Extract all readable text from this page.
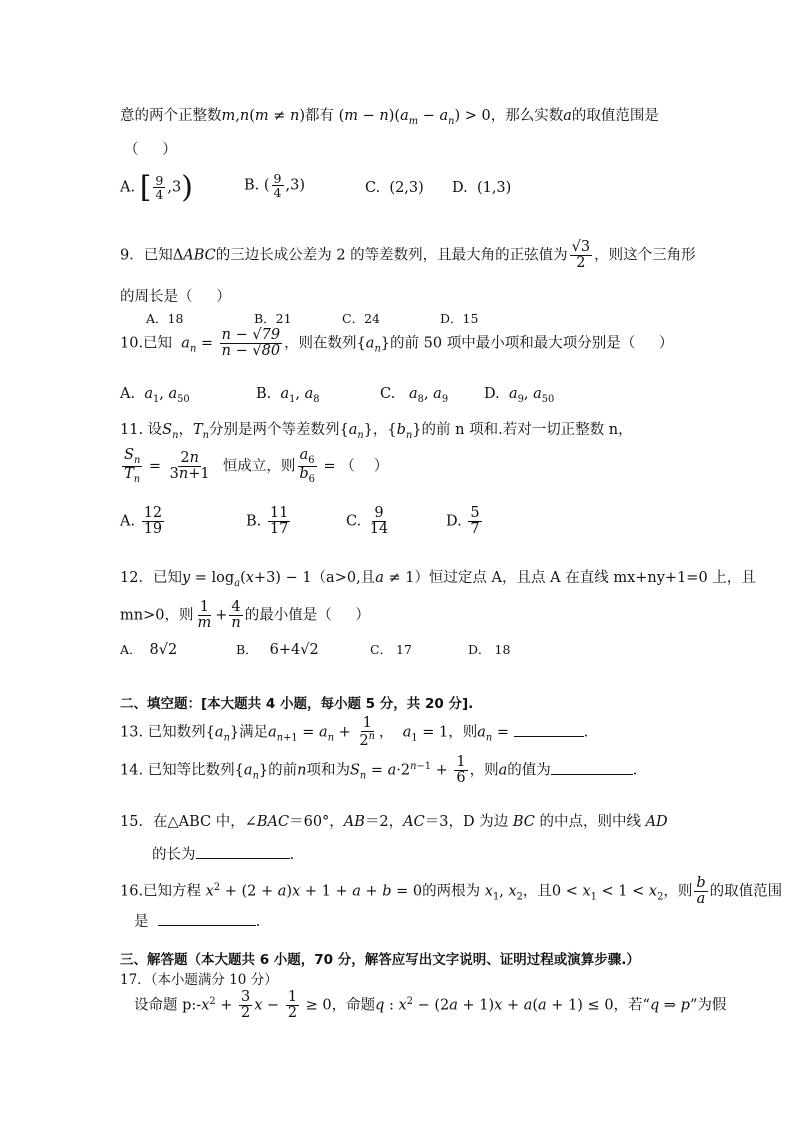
意的两个正整数m,n(m ≠ n)都有 $(m - n)(a_m - a_n) > 0$，那么实数a的取值范围是
（ 　 ）
A. [ $\frac{9}{4} ,3$)	B. ( $\frac{9}{4} ,3$)	C. (2,3) D. (1,3)
9．已知ΔABC的三边长成公差为 2 的等差数列，且最大角的正弦值为 $\frac{√3}{2}$ ，则这个三角形
的周长是（ 　 ）
A．18	B．21	C．24	D．15
10.已知 $a_n = \frac{n - √79}{n - √80}$ ，则在数列$\{a_n\}$的前 50 项中最小项和最大项分别是（ 　 ）
A. $a_1$, $a_{50}$	B. $a_1$, $a_8$	C. $a_8$, $a_9$ D. $a_9$, $a_{50}$
11. 设$S_n$，$T_n$分别是两个等差数列$\{a_n\}$，$\{b_n\}$的前 n 项和.若对一切正整数 n，
$\frac{S_n}{T_n} = \frac{2n}{3n+1}$ 恒成立，则 $\frac{a_6}{b_6}$ = （ 　）
A. $\frac{12}{19}$	B. $\frac{11}{17}$	C. $\frac{9}{14}$	D. $\frac{5}{7}$
12．已知$y = \log_a(x+3) - 1(a>0$,且a ≠ 1）恒过定点 A，且点 A 在直线 mx+ny+1=0 上，且
mn>0，则 $\frac{1}{m} + \frac{4}{n}$ 的最小值是（ 　 ）
A． 8√2	B． 6+4√2	C． 17	D． 18
二、填空题：[本大题共 4 小题，每小题 5 分，共 20 分].
13. 已知数列$\{a_n\}$满足$a_{n+1} = a_n + \frac{1}{2^n}$ ， $a_1 = 1$，则$a_n$ =	.
14. 已知等比数列$\{a_n\}$的前n项和为$S_n = a\cdot 2^{n-1} + \frac{1}{6}$ ，则a的值为	.
15．在△ABC 中，∠BAC＝60°，AB＝2，AC＝3，D 为边 BC 的中点，则中线 AD
的长为	.
16.已知方程 $x^2 + (2 + a)x + 1 + a + b = 0$的两根为 $x_1$, $x_2$，且$0 < x_1 < 1 < x_2$，则 $\frac{b}{a}$ 的取值范围
是	.
三、解答题（本大题共 6 小题，70 分，解答应写出文字说明、证明过程或演算步骤.）
17．（本小题满分 10 分）
设命题 $p:-x^2 + \frac{3}{2}$ $x - \frac{1}{2} \ge 0$，命题q : $x^2 - (2a + 1)x + a(a + 1) \le 0$，若“q ⇒ p”为假
